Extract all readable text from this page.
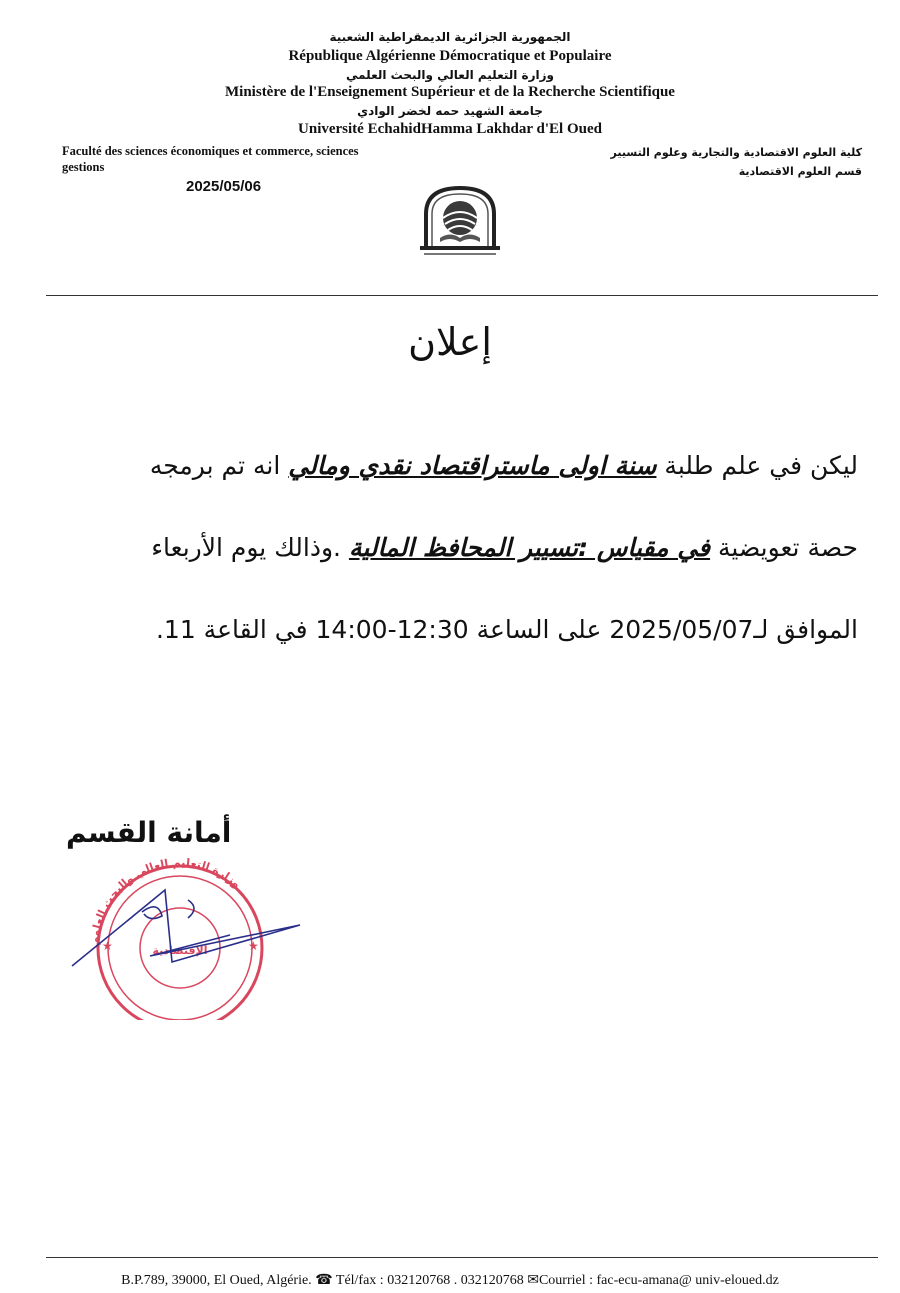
الجمهورية الجزائرية الديمقراطية الشعبية
République Algérienne Démocratique et Populaire
وزارة التعليم العالي والبحث العلمي
Ministère de l'Enseignement Supérieur et de la Recherche Scientifique
جامعة الشهيد حمه لخضر الوادي
Université EchahidHamma Lakhdar d'El Oued
Faculté des sciences économiques et commerce, sciences
gestions
كلية العلوم الاقتصادية والتجارية وعلوم التسيير
قسم العلوم الاقتصادية
2025/05/06
إعلان
ليكن في علم طلبة سنة اولى ماستراقتصاد نقدي ومالي انه تم برمجه
حصة تعويضية في مقياس :تسيير المحافظ المالية .وذالك يوم الأربعاء
الموافق لـ2025/05/07 على الساعة 12:30-14:00 في القاعة 11.
أمانة القسم
وزارة التعليم العالي والبحث العلمي
الإقتصادية
★	★
B.P.789, 39000, El Oued, Algérie. ☎ Tél/fax : 032120768 . 032120768 ✉Courriel : fac-ecu-amana@ univ-eloued.dz
